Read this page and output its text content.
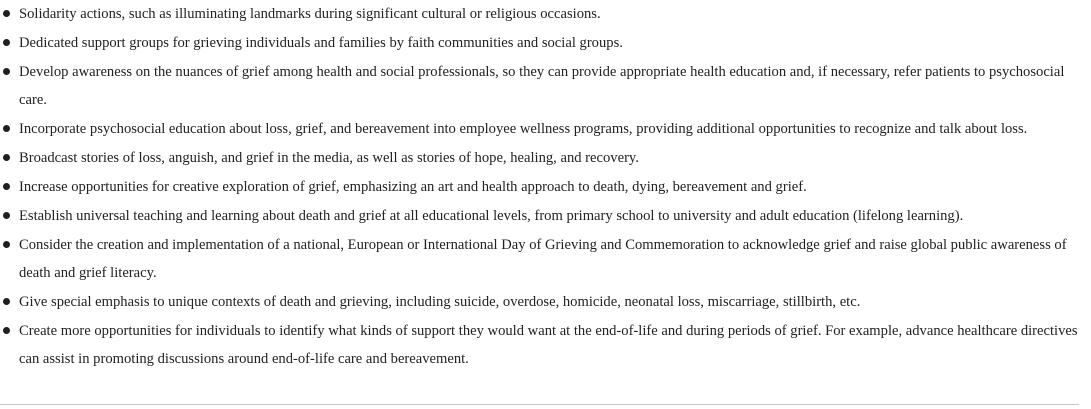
Solidarity actions, such as illuminating landmarks during significant cultural or religious occasions.
Dedicated support groups for grieving individuals and families by faith communities and social groups.
Develop awareness on the nuances of grief among health and social professionals, so they can provide appropriate health education and, if necessary, refer patients to psychosocial care.
Incorporate psychosocial education about loss, grief, and bereavement into employee wellness programs, providing additional opportunities to recognize and talk about loss.
Broadcast stories of loss, anguish, and grief in the media, as well as stories of hope, healing, and recovery.
Increase opportunities for creative exploration of grief, emphasizing an art and health approach to death, dying, bereavement and grief.
Establish universal teaching and learning about death and grief at all educational levels, from primary school to university and adult education (lifelong learning).
Consider the creation and implementation of a national, European or International Day of Grieving and Commemoration to acknowledge grief and raise global public awareness of death and grief literacy.
Give special emphasis to unique contexts of death and grieving, including suicide, overdose, homicide, neonatal loss, miscarriage, stillbirth, etc.
Create more opportunities for individuals to identify what kinds of support they would want at the end-of-life and during periods of grief. For example, advance healthcare directives can assist in promoting discussions around end-of-life care and bereavement.
